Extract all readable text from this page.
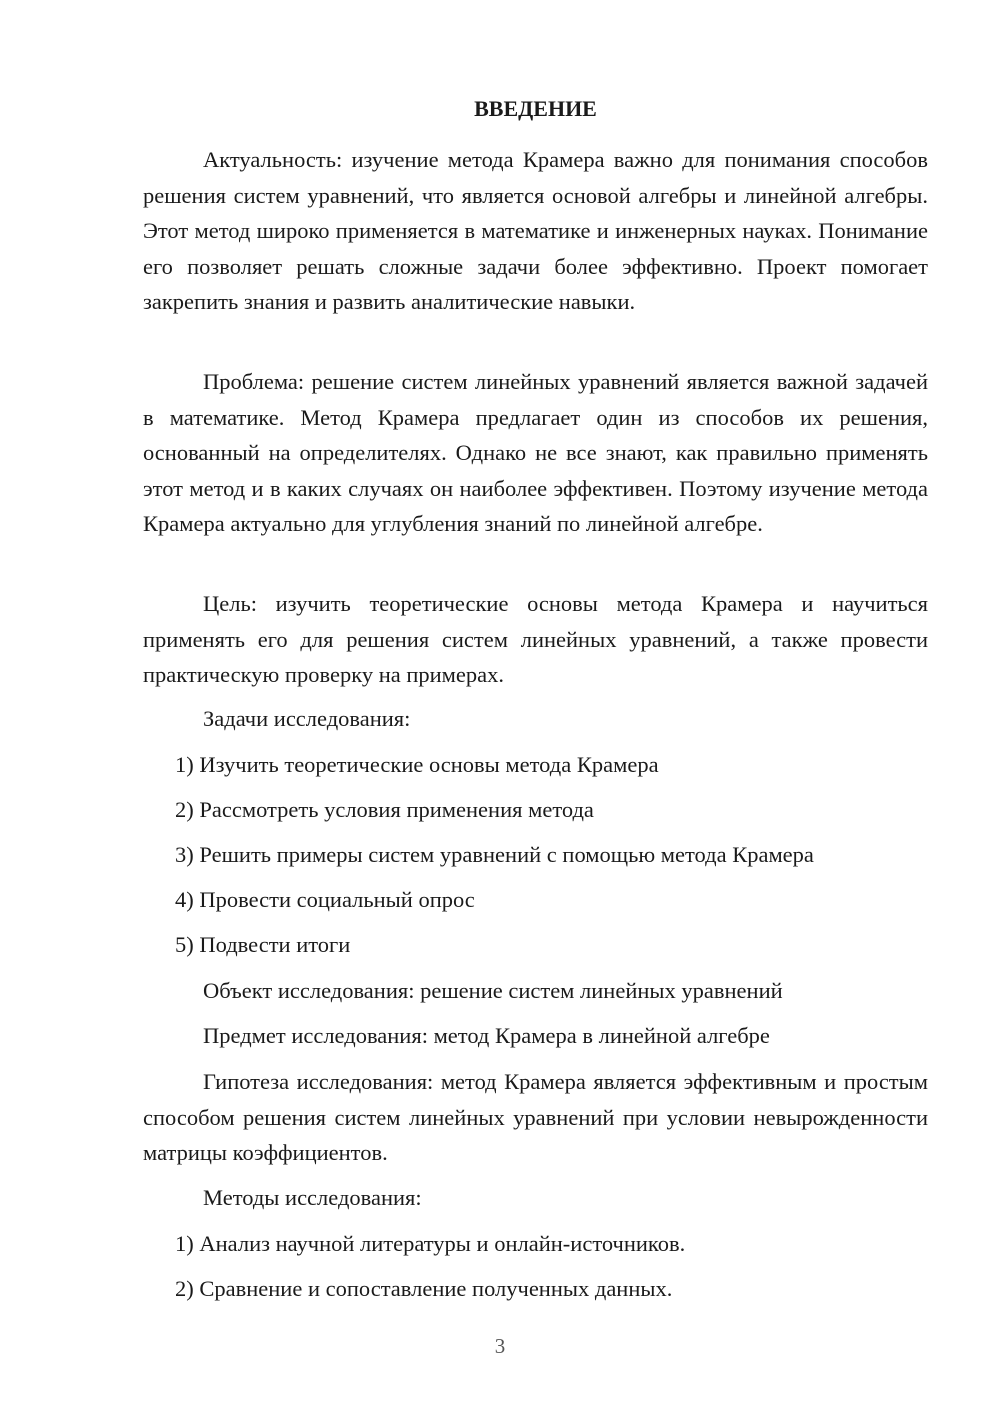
ВВЕДЕНИЕ

Актуальность: изучение метода Крамера важно для понимания способов решения систем уравнений, что является основой алгебры и линейной алгебры. Этот метод широко применяется в математике и инженерных науках. Понимание его позволяет решать сложные задачи более эффективно. Проект помогает закрепить знания и развить аналитические навыки.

Проблема: решение систем линейных уравнений является важной задачей в математике. Метод Крамера предлагает один из способов их решения, основанный на определителях. Однако не все знают, как правильно применять этот метод и в каких случаях он наиболее эффективен. Поэтому изучение метода Крамера актуально для углубления знаний по линейной алгебре.

Цель: изучить теоретические основы метода Крамера и научиться применять его для решения систем линейных уравнений, а также провести практическую проверку на примерах.

Задачи исследования:

1) Изучить теоретические основы метода Крамера

2) Рассмотреть условия применения метода

3) Решить примеры систем уравнений с помощью метода Крамера

4) Провести социальный опрос

5) Подвести итоги

Объект исследования: решение систем линейных уравнений

Предмет исследования: метод Крамера в линейной алгебре

Гипотеза исследования: метод Крамера является эффективным и простым способом решения систем линейных уравнений при условии невырожденности матрицы коэффициентов.

Методы исследования:

1) Анализ научной литературы и онлайн-источников.

2) Сравнение и сопоставление полученных данных.

3
